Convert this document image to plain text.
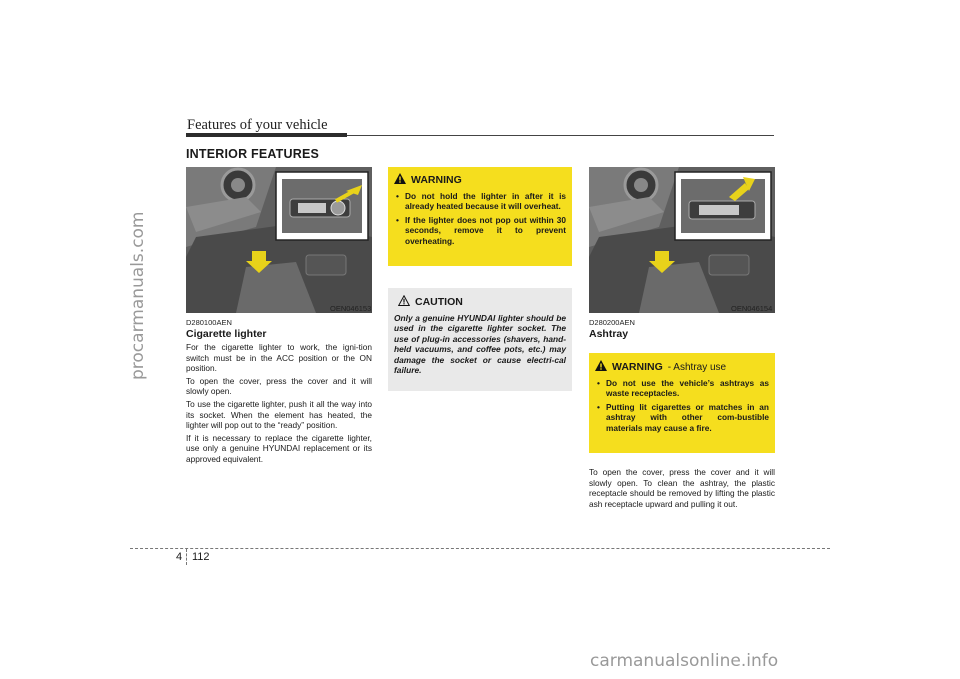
procarmanuals.com
carmanualsonline.info
Features of your vehicle
INTERIOR FEATURES
OEN046153
D280100AEN
Cigarette lighter

For the cigarette lighter to work, the igni-tion switch must be in the ACC position or the ON position.

To open the cover, press the cover and it will slowly open.

To use the cigarette lighter, push it all the way into its socket. When the element has heated, the lighter will pop out to the “ready” position.

If it is necessary to replace the cigarette lighter, use only a genuine HYUNDAI replacement or its approved equivalent.

WARNING
• Do not hold the lighter in after it is already heated because it will overheat.
• If the lighter does not pop out within 30 seconds, remove it to prevent overheating.
CAUTION
Only a genuine HYUNDAI lighter should be used in the cigarette lighter socket. The use of plug-in accessories (shavers, hand-held vacuums, and coffee pots, etc.) may damage the socket or cause electri-cal failure.
OEN046154
D280200AEN
Ashtray
WARNING - Ashtray use
• Do not use the vehicle’s ashtrays as waste receptacles.
• Putting lit cigarettes or matches in an ashtray with other com-bustible materials may cause a fire.

To open the cover, press the cover and it will slowly open. To clean the ashtray, the plastic receptacle should be removed by lifting the plastic ash receptacle upward and pulling it out.

4 112
